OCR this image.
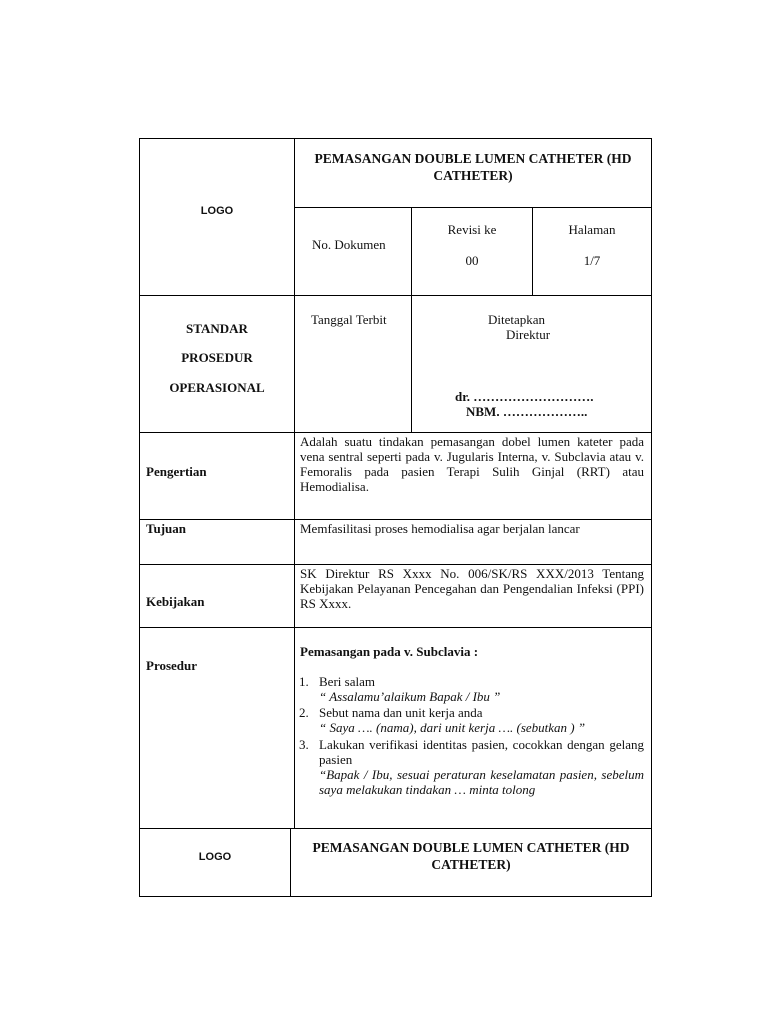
LOGO
PEMASANGAN DOUBLE LUMEN CATHETER (HD CATHETER)
No. Dokumen
Revisi ke
00
Halaman
1/7
STANDAR
PROSEDUR
OPERASIONAL
Tanggal Terbit	Ditetapkan
Direktur
dr. ……………………….
NBM. ………………..
Pengertian
Adalah suatu tindakan pemasangan dobel lumen kateter pada vena sentral seperti pada v. Jugularis Interna, v. Subclavia atau v. Femoralis pada pasien Terapi Sulih Ginjal (RRT) atau Hemodialisa.
Tujuan	Memfasilitasi proses hemodialisa agar berjalan lancar
Kebijakan
SK Direktur RS Xxxx No. 006/SK/RS XXX/2013 Tentang Kebijakan Pelayanan Pencegahan dan Pengendalian Infeksi (PPI) RS Xxxx.
Prosedur
Pemasangan pada v. Subclavia :
1. Beri salam
“ Assalamu’alaikum Bapak / Ibu ”
2. Sebut nama dan unit kerja anda
“ Saya …. (nama), dari unit kerja …. (sebutkan ) ”
3. Lakukan verifikasi identitas pasien, cocokkan dengan gelang pasien
“Bapak / Ibu, sesuai peraturan keselamatan pasien, sebelum saya melakukan tindakan … minta tolong
LOGO
PEMASANGAN DOUBLE LUMEN CATHETER (HD CATHETER)
